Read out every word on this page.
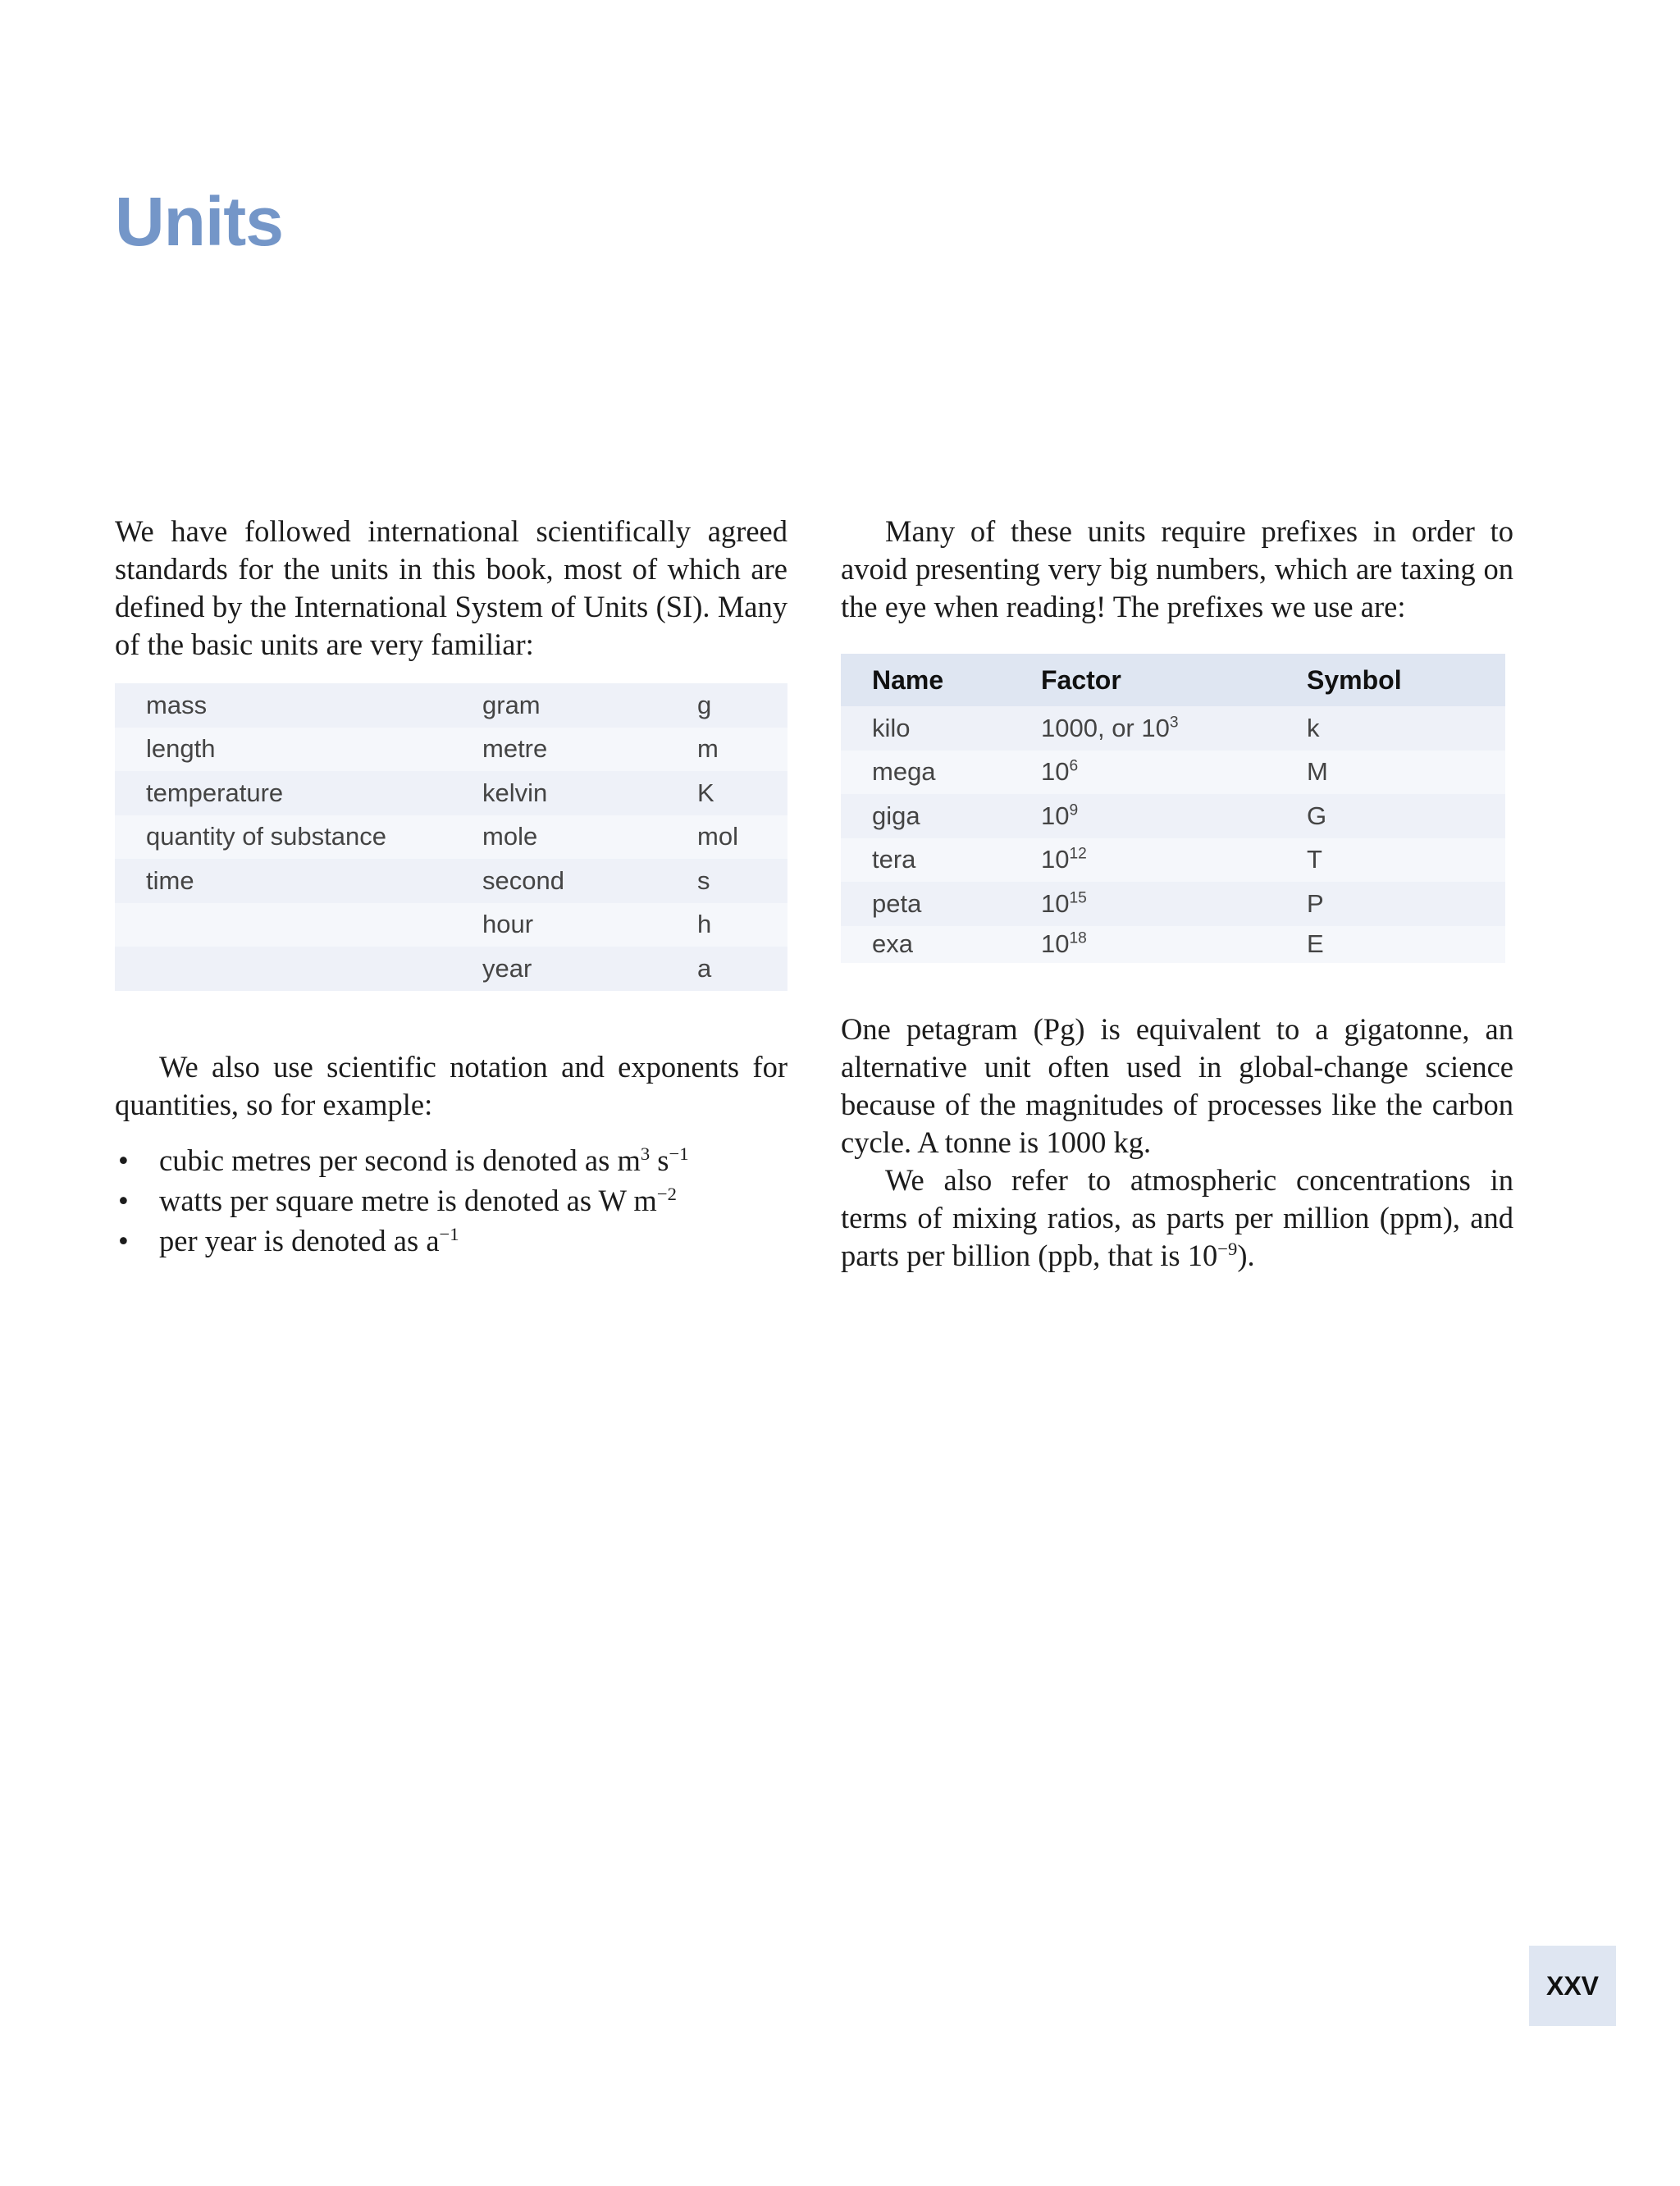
Units

We have followed international scientifically agreed standards for the units in this book, most of which are defined by the International System of Units (SI). Many of the basic units are very familiar:

mass	gram	g
length	metre	m
temperature	kelvin	K
quantity of substance	mole	mol
time	second	s
	hour	h
	year	a

We also use scientific notation and exponents for quantities, so for example:

• cubic metres per second is denoted as $m^3$ $s^{-1}$
• watts per square metre is denoted as W $m^{-2}$
• per year is denoted as $a^{-1}$

Many of these units require prefixes in order to avoid presenting very big numbers, which are taxing on the eye when reading! The prefixes we use are:

Name	Factor	Symbol
kilo	1000, or $10^3$	k
mega	$10^6$	M
giga	$10^9$	G
tera	$10^{12}$	T
peta	$10^{15}$	P
exa	$10^{18}$	E

One petagram (Pg) is equivalent to a gigatonne, an alternative unit often used in global-change science because of the magnitudes of processes like the carbon cycle. A tonne is 1000 kg.

We also refer to atmospheric concentrations in terms of mixing ratios, as parts per million (ppm), and parts per billion (ppb, that is $10^{-9}$).

XXV
